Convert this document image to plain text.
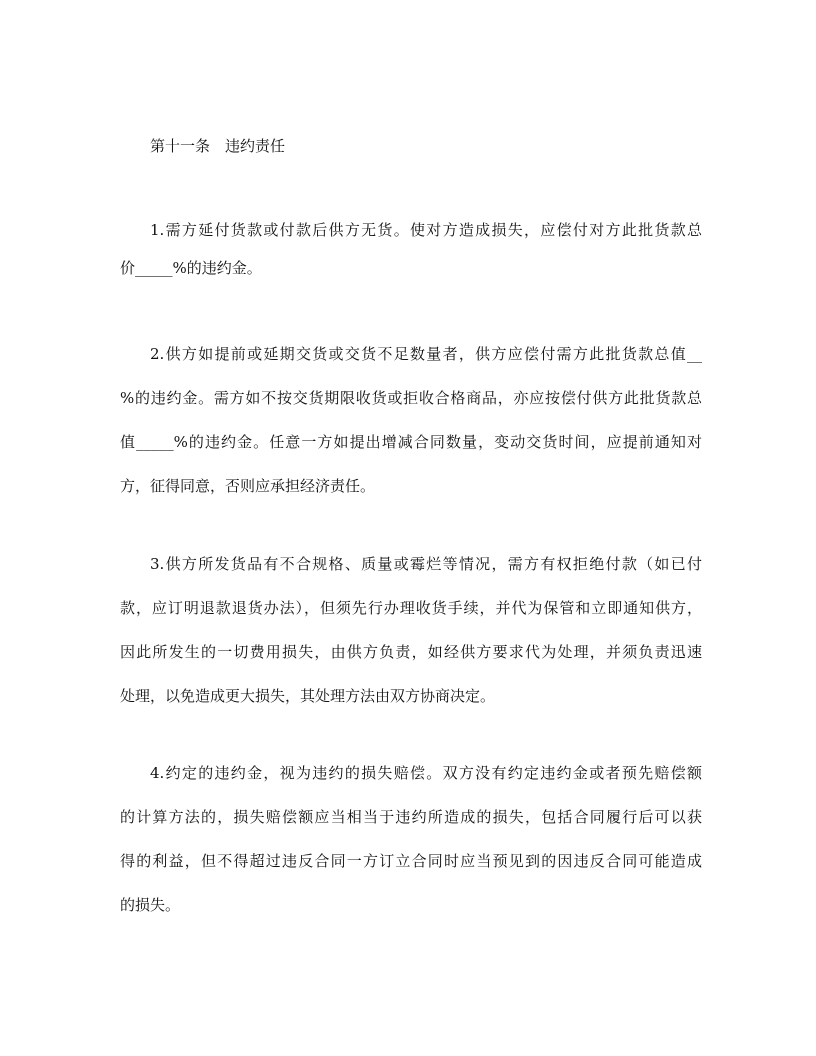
第十一条　违约责任
1.需方延付货款或付款后供方无货。使对方造成损失，应偿付对方此批货款总
价_____%的违约金。
2.供方如提前或延期交货或交货不足数量者，供方应偿付需方此批货款总值__
%的违约金。需方如不按交货期限收货或拒收合格商品，亦应按偿付供方此批货款总
值_____%的违约金。任意一方如提出增减合同数量，变动交货时间，应提前通知对
方，征得同意，否则应承担经济责任。
3.供方所发货品有不合规格、质量或霉烂等情况，需方有权拒绝付款（如已付
款，应订明退款退货办法），但须先行办理收货手续，并代为保管和立即通知供方，
因此所发生的一切费用损失，由供方负责，如经供方要求代为处理，并须负责迅速
处理，以免造成更大损失，其处理方法由双方协商决定。
4.约定的违约金，视为违约的损失赔偿。双方没有约定违约金或者预先赔偿额
的计算方法的，损失赔偿额应当相当于违约所造成的损失，包括合同履行后可以获
得的利益，但不得超过违反合同一方订立合同时应当预见到的因违反合同可能造成
的损失。
